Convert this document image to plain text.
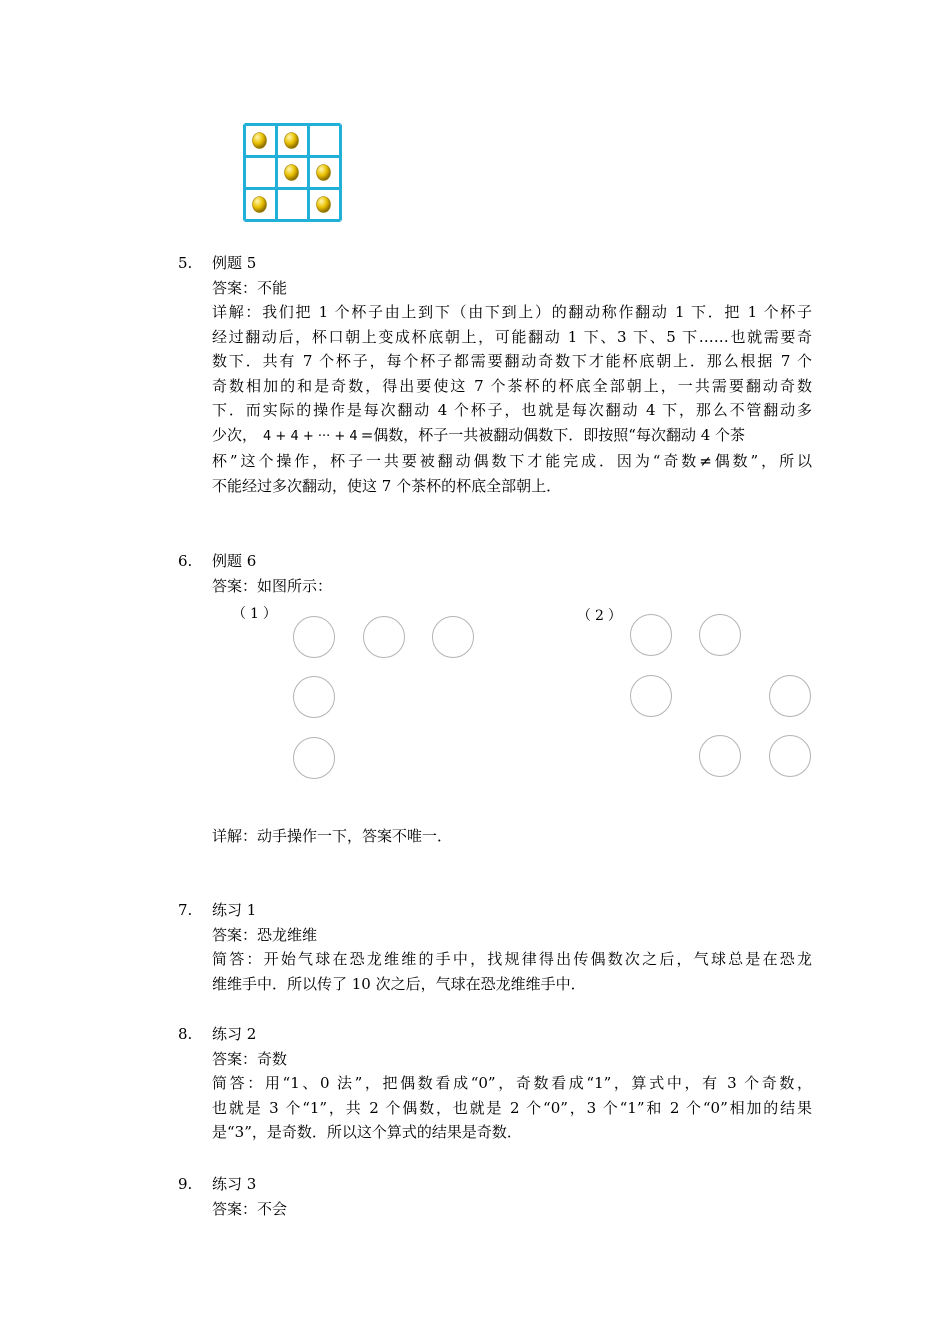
5. 例题 5
答案：不能
详解：我们把 1 个杯子由上到下（由下到上）的翻动称作翻动 1 下．把 1 个杯子
经过翻动后，杯口朝上变成杯底朝上，可能翻动 1 下、3 下、5 下……也就需要奇
数下．共有 7 个杯子，每个杯子都需要翻动奇数下才能杯底朝上．那么根据 7 个
奇数相加的和是奇数，得出要使这 7 个茶杯的杯底全部朝上，一共需要翻动奇数
下．而实际的操作是每次翻动 4 个杯子，也就是每次翻动 4 下，那么不管翻动多
少次， 4 + 4 + ··· + 4 =偶数，杯子一共被翻动偶数下．即按照“每次翻动 4 个茶
杯”这个操作，杯子一共要被翻动偶数下才能完成．因为“奇数≠偶数”，所以
不能经过多次翻动，使这 7 个茶杯的杯底全部朝上．
6. 例题 6
答案：如图所示：
（1）	（2）
详解：动手操作一下，答案不唯一．
7. 练习 1
答案：恐龙维维
简答：开始气球在恐龙维维的手中，找规律得出传偶数次之后，气球总是在恐龙
维维手中．所以传了 10 次之后，气球在恐龙维维手中．
8. 练习 2
答案：奇数
简答：用“1、0 法”，把偶数看成“0”，奇数看成“1”，算式中，有 3 个奇数，
也就是 3 个“1”，共 2 个偶数，也就是 2 个“0”，3 个“1”和 2 个“0”相加的结果
是“3”，是奇数．所以这个算式的结果是奇数．
9. 练习 3
答案：不会
